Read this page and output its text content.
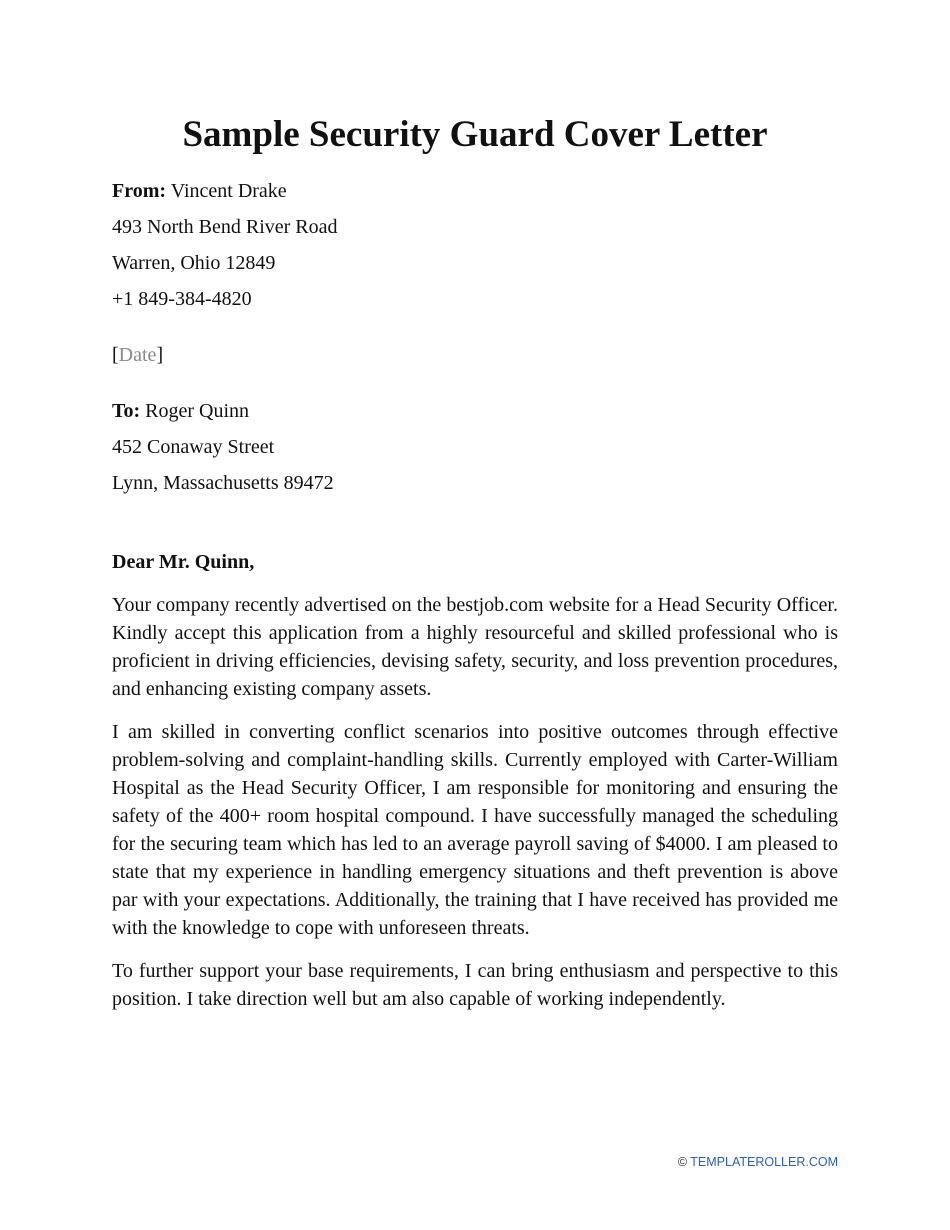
Sample Security Guard Cover Letter
From: Vincent Drake
493 North Bend River Road
Warren, Ohio 12849
+1 849-384-4820
[Date]
To: Roger Quinn
452 Conaway Street
Lynn, Massachusetts 89472
Dear Mr. Quinn,

Your company recently advertised on the bestjob.com website for a Head Security Officer. Kindly accept this application from a highly resourceful and skilled professional who is proficient in driving efficiencies, devising safety, security, and loss prevention procedures, and enhancing existing company assets.

I am skilled in converting conflict scenarios into positive outcomes through effective problem-solving and complaint-handling skills. Currently employed with Carter-William Hospital as the Head Security Officer, I am responsible for monitoring and ensuring the safety of the 400+ room hospital compound. I have successfully managed the scheduling for the securing team which has led to an average payroll saving of $4000. I am pleased to state that my experience in handling emergency situations and theft prevention is above par with your expectations. Additionally, the training that I have received has provided me with the knowledge to cope with unforeseen threats.

To further support your base requirements, I can bring enthusiasm and perspective to this position. I take direction well but am also capable of working independently.

© TEMPLATEROLLER.COM
